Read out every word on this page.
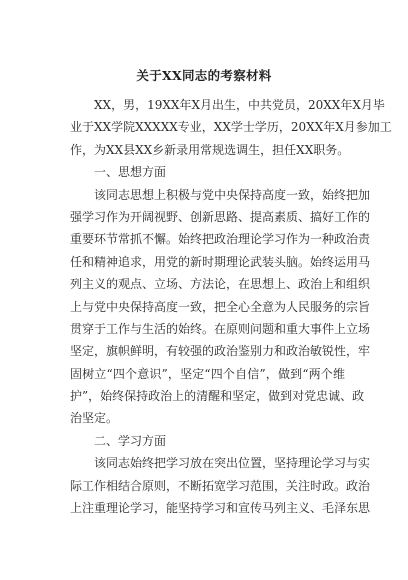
关于XX同志的考察材料
XX，男，19XX年X月出生，中共党员，20XX年X月毕
业于XX学院XXXXX专业，XX学士学历，20XX年X月参加工
作，为XX县XX乡新录用常规选调生，担任XX职务。
一、思想方面
该同志思想上积极与党中央保持高度一致，始终把加
强学习作为开阔视野、创新思路、提高素质、搞好工作的
重要环节常抓不懈。始终把政治理论学习作为一种政治责
任和精神追求，用党的新时期理论武装头脑。始终运用马
列主义的观点、立场、方法论，在思想上、政治上和组织
上与党中央保持高度一致，把全心全意为人民服务的宗旨
贯穿于工作与生活的始终。在原则问题和重大事件上立场
坚定，旗帜鲜明，有较强的政治鉴别力和政治敏锐性，牢
固树立“四个意识”，坚定“四个自信”，做到“两个维
护”，始终保持政治上的清醒和坚定，做到对党忠诚、政
治坚定。
二、学习方面
该同志始终把学习放在突出位置，坚持理论学习与实
际工作相结合原则，不断拓宽学习范围，关注时政。政治
上注重理论学习，能坚持学习和宣传马列主义、毛泽东思
